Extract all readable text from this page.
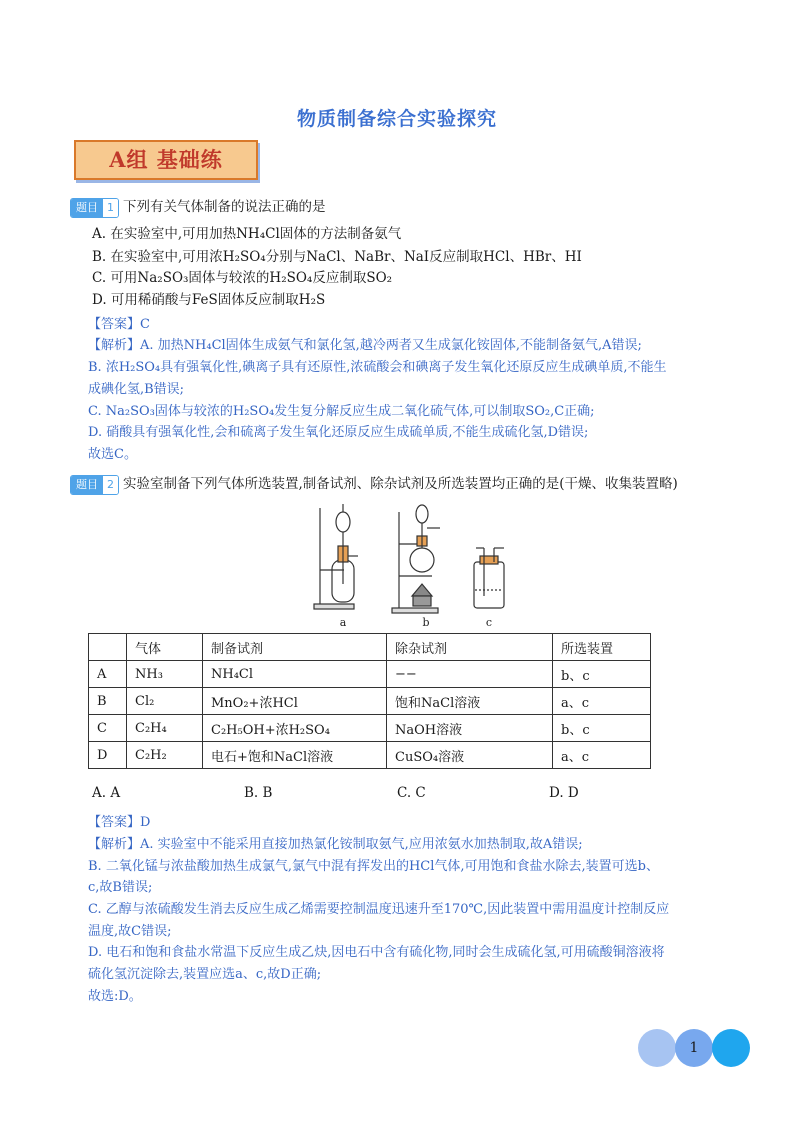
物质制备综合实验探究
A组 基础练
题目 1 下列有关气体制备的说法正确的是
A. 在实验室中,可用加热NH₄Cl固体的方法制备氨气
B. 在实验室中,可用浓H₂SO₄分别与NaCl、NaBr、NaI反应制取HCl、HBr、HI
C. 可用Na₂SO₃固体与较浓的H₂SO₄反应制取SO₂
D. 可用稀硝酸与FeS固体反应制取H₂S
【答案】C
【解析】A. 加热NH₄Cl固体生成氨气和氯化氢,越冷两者又生成氯化铵固体,不能制备氨气,A错误;
B. 浓H₂SO₄具有强氧化性,碘离子具有还原性,浓硫酸会和碘离子发生氧化还原反应生成碘单质,不能生
成碘化氢,B错误;
C. Na₂SO₃固体与较浓的H₂SO₄发生复分解反应生成二氧化硫气体,可以制取SO₂,C正确;
D. 硝酸具有强氧化性,会和硫离子发生氧化还原反应生成硫单质,不能生成硫化氢,D错误;
故选C。
题目 2 实验室制备下列气体所选装置,制备试剂、除杂试剂及所选装置均正确的是(干燥、收集装置略)
a	b	c
	气体	制备试剂	除杂试剂	所选装置
A	NH₃	NH₄Cl	−−	b、c
B	Cl₂	MnO₂+浓HCl	饱和NaCl溶液	a、c
C	C₂H₄	C₂H₅OH+浓H₂SO₄	NaOH溶液	b、c
D	C₂H₂	电石+饱和NaCl溶液	CuSO₄溶液	a、c
A. A	B. B	C. C	D. D
【答案】D
【解析】A. 实验室中不能采用直接加热氯化铵制取氨气,应用浓氨水加热制取,故A错误;
B. 二氧化锰与浓盐酸加热生成氯气,氯气中混有挥发出的HCl气体,可用饱和食盐水除去,装置可选b、
c,故B错误;
C. 乙醇与浓硫酸发生消去反应生成乙烯需要控制温度迅速升至170℃,因此装置中需用温度计控制反应
温度,故C错误;
D. 电石和饱和食盐水常温下反应生成乙炔,因电石中含有硫化物,同时会生成硫化氢,可用硫酸铜溶液将
硫化氢沉淀除去,装置应选a、c,故D正确;
故选:D。
1
